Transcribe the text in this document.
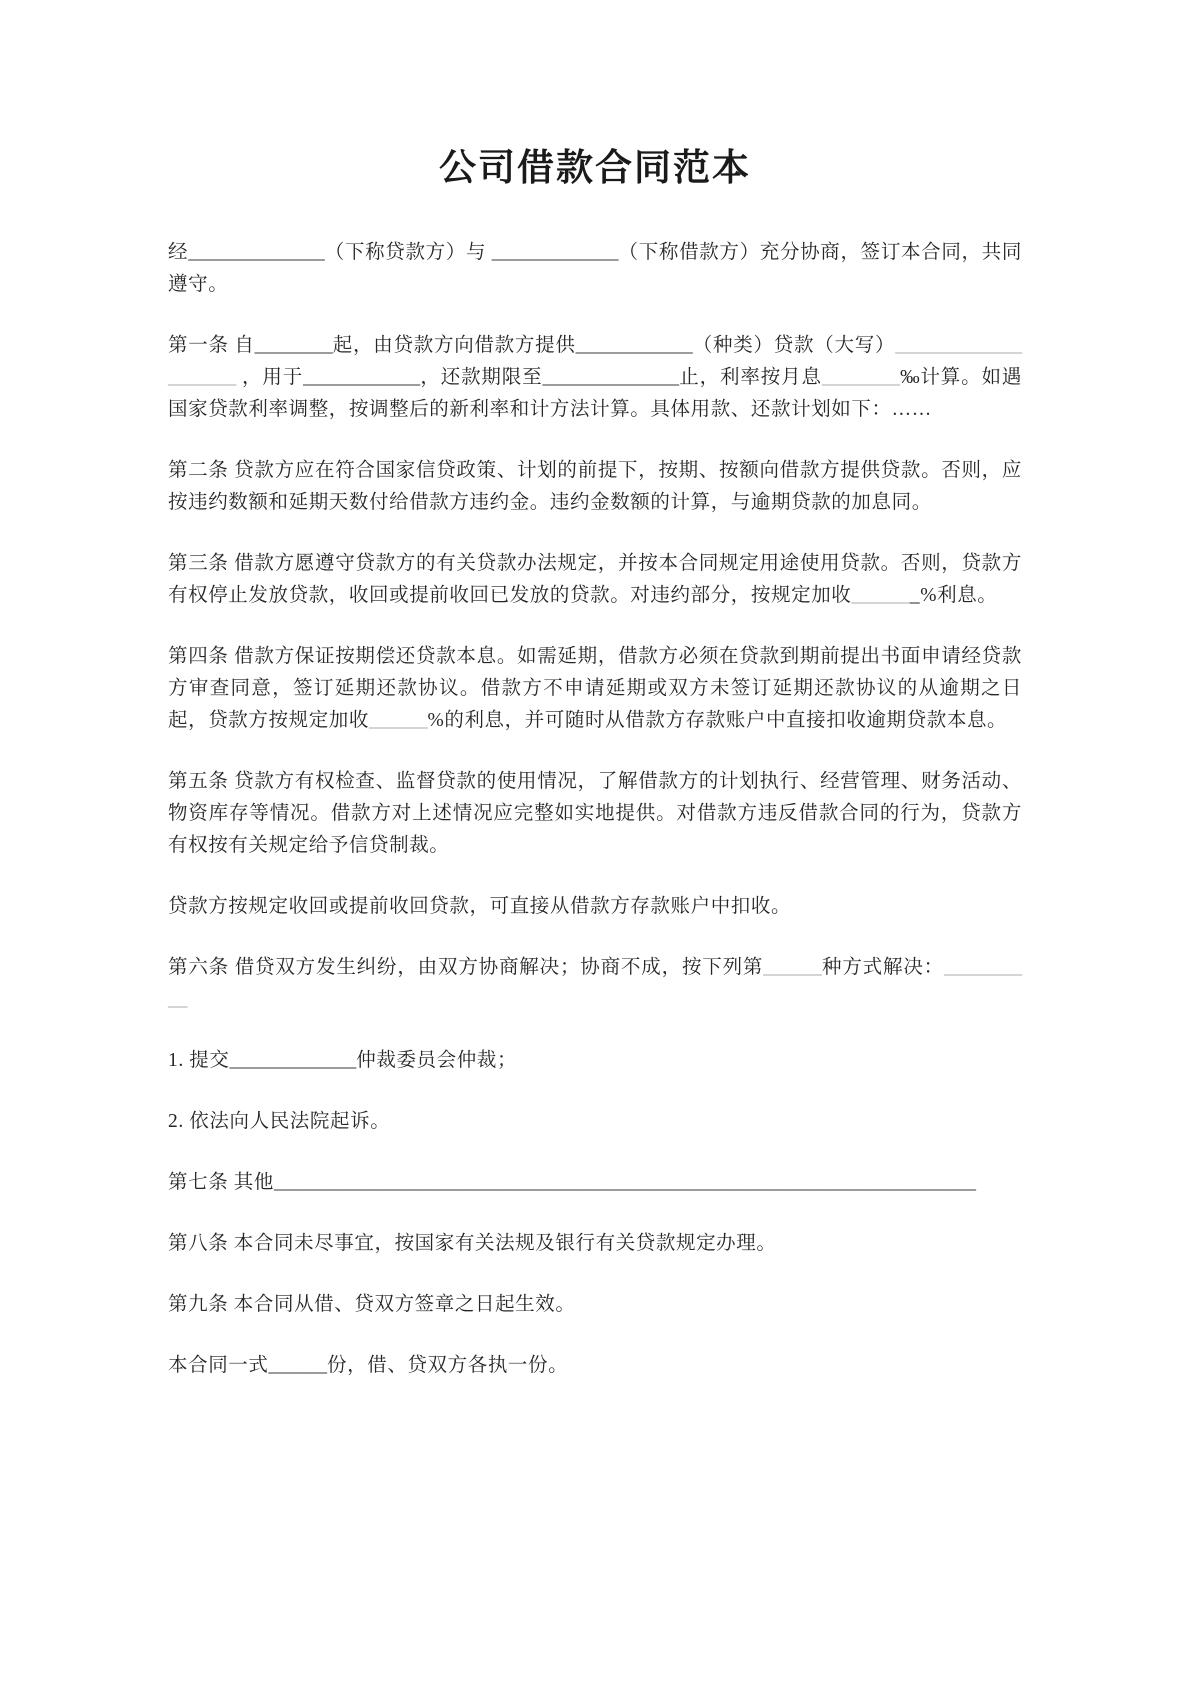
公司借款合同范本

经______________（下称贷款方）与 _____________（下称借款方）充分协商，签订本合同，共同遵守。

第一条 自________起，由贷款方向借款方提供____________（种类）贷款（大写）____________________ ，用于____________，还款期限至______________止，利率按月息________‰计算。如遇国家贷款利率调整，按调整后的新利率和计方法计算。具体用款、还款计划如下：……

第二条 贷款方应在符合国家信贷政策、计划的前提下，按期、按额向借款方提供贷款。否则，应按违约数额和延期天数付给借款方违约金。违约金数额的计算，与逾期贷款的加息同。

第三条 借款方愿遵守贷款方的有关贷款办法规定，并按本合同规定用途使用贷款。否则，贷款方有权停止发放贷款，收回或提前收回已发放的贷款。对违约部分，按规定加收_______%利息。

第四条 借款方保证按期偿还贷款本息。如需延期，借款方必须在贷款到期前提出书面申请经贷款方审查同意，签订延期还款协议。借款方不申请延期或双方未签订延期还款协议的从逾期之日起，贷款方按规定加收______%的利息，并可随时从借款方存款账户中直接扣收逾期贷款本息。

第五条 贷款方有权检查、监督贷款的使用情况，了解借款方的计划执行、经营管理、财务活动、物资库存等情况。借款方对上述情况应完整如实地提供。对借款方违反借款合同的行为，贷款方有权按有关规定给予信贷制裁。

贷款方按规定收回或提前收回贷款，可直接从借款方存款账户中扣收。

第六条 借贷双方发生纠纷，由双方协商解决；协商不成，按下列第______种方式解决：__________

1. 提交_____________仲裁委员会仲裁；

2. 依法向人民法院起诉。

第七条 其他________________________________________________________________________

第八条 本合同未尽事宜，按国家有关法规及银行有关贷款规定办理。

第九条 本合同从借、贷双方签章之日起生效。

本合同一式______份，借、贷双方各执一份。
